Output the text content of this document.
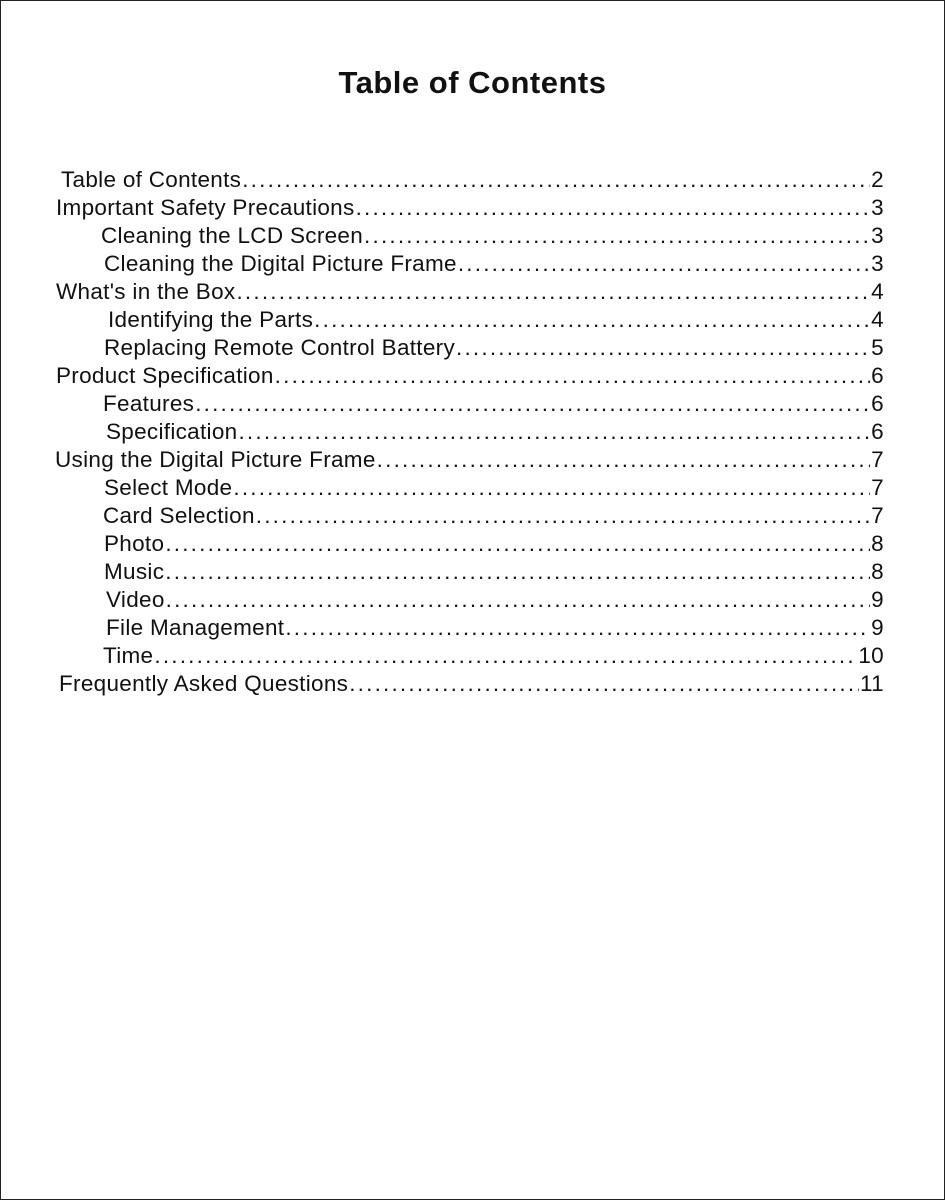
Table of Contents
Table of Contents .....	2
Important Safety Precautions .....	3
Cleaning the LCD Screen .....	3
Cleaning the Digital Picture Frame .....	3
What's in the Box .....	4
Identifying the Parts .....	4
Replacing Remote Control Battery .....	5
Product Specification .....	6
Features .....	6
Specification .....	6
Using the Digital Picture Frame .....	7
Select Mode .....	7
Card Selection .....	7
Photo .....	8
Music .....	8
Video .....	9
File Management .....	9
Time .....	10
Frequently Asked Questions .....	11
